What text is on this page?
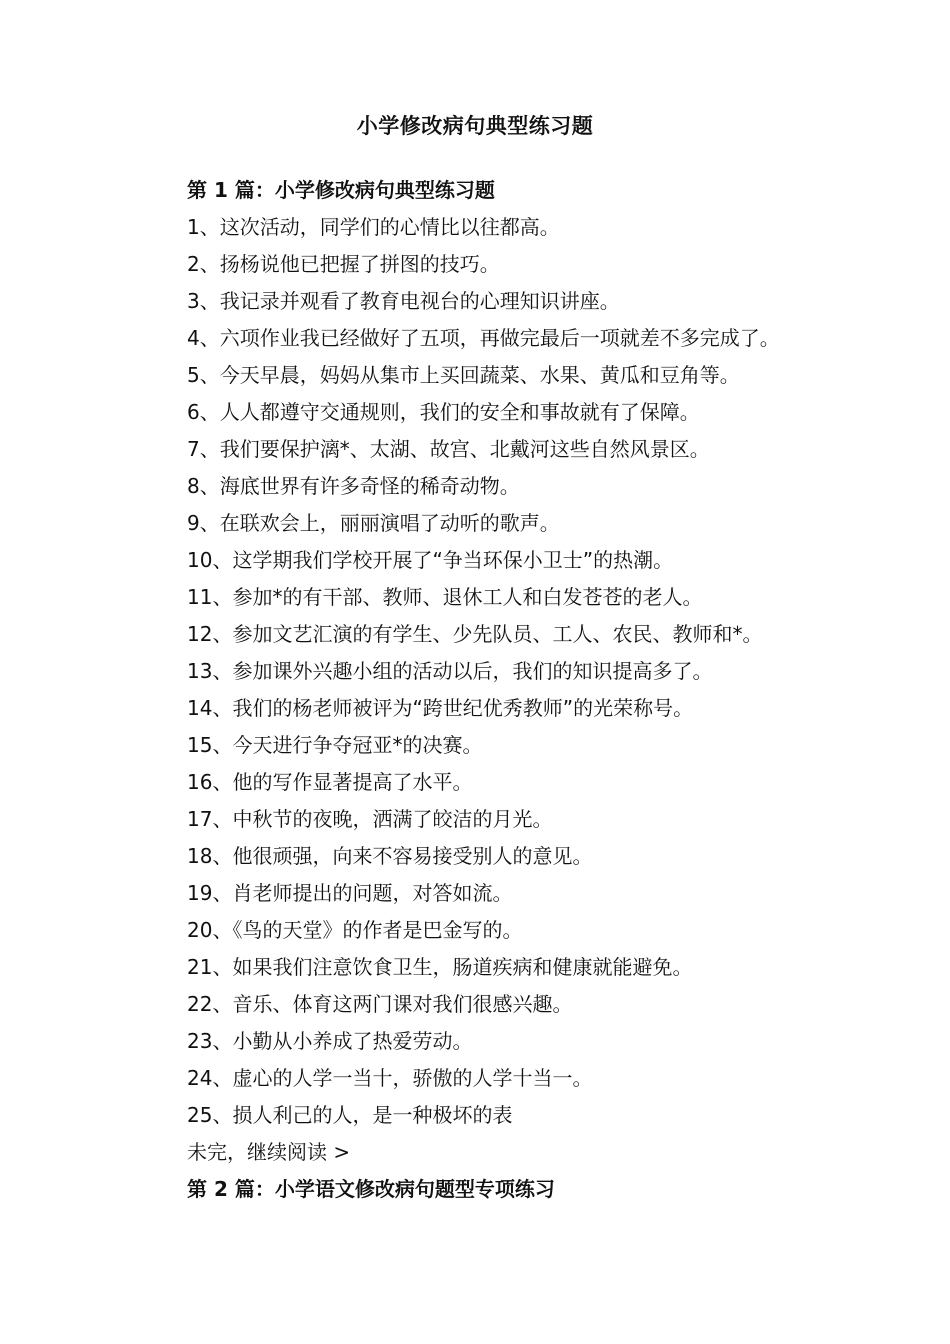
小学修改病句典型练习题
第 1 篇：小学修改病句典型练习题
1、这次活动，同学们的心情比以往都高。
2、扬杨说他已把握了拼图的技巧。
3、我记录并观看了教育电视台的心理知识讲座。
4、六项作业我已经做好了五项，再做完最后一项就差不多完成了。
5、今天早晨，妈妈从集市上买回蔬菜、水果、黄瓜和豆角等。
6、人人都遵守交通规则，我们的安全和事故就有了保障。
7、我们要保护漓*、太湖、故宫、北戴河这些自然风景区。
8、海底世界有许多奇怪的稀奇动物。
9、在联欢会上，丽丽演唱了动听的歌声。
10、这学期我们学校开展了“争当环保小卫士”的热潮。
11、参加*的有干部、教师、退休工人和白发苍苍的老人。
12、参加文艺汇演的有学生、少先队员、工人、农民、教师和*。
13、参加课外兴趣小组的活动以后，我们的知识提高多了。
14、我们的杨老师被评为“跨世纪优秀教师”的光荣称号。
15、今天进行争夺冠亚*的决赛。
16、他的写作显著提高了水平。
17、中秋节的夜晚，洒满了皎洁的月光。
18、他很顽强，向来不容易接受别人的意见。
19、肖老师提出的问题，对答如流。
20、《鸟的天堂》的作者是巴金写的。
21、如果我们注意饮食卫生，肠道疾病和健康就能避免。
22、音乐、体育这两门课对我们很感兴趣。
23、小勤从小养成了热爱劳动。
24、虚心的人学一当十，骄傲的人学十当一。
25、损人利己的人，是一种极坏的表
未完，继续阅读 >
第 2 篇：小学语文修改病句题型专项练习
